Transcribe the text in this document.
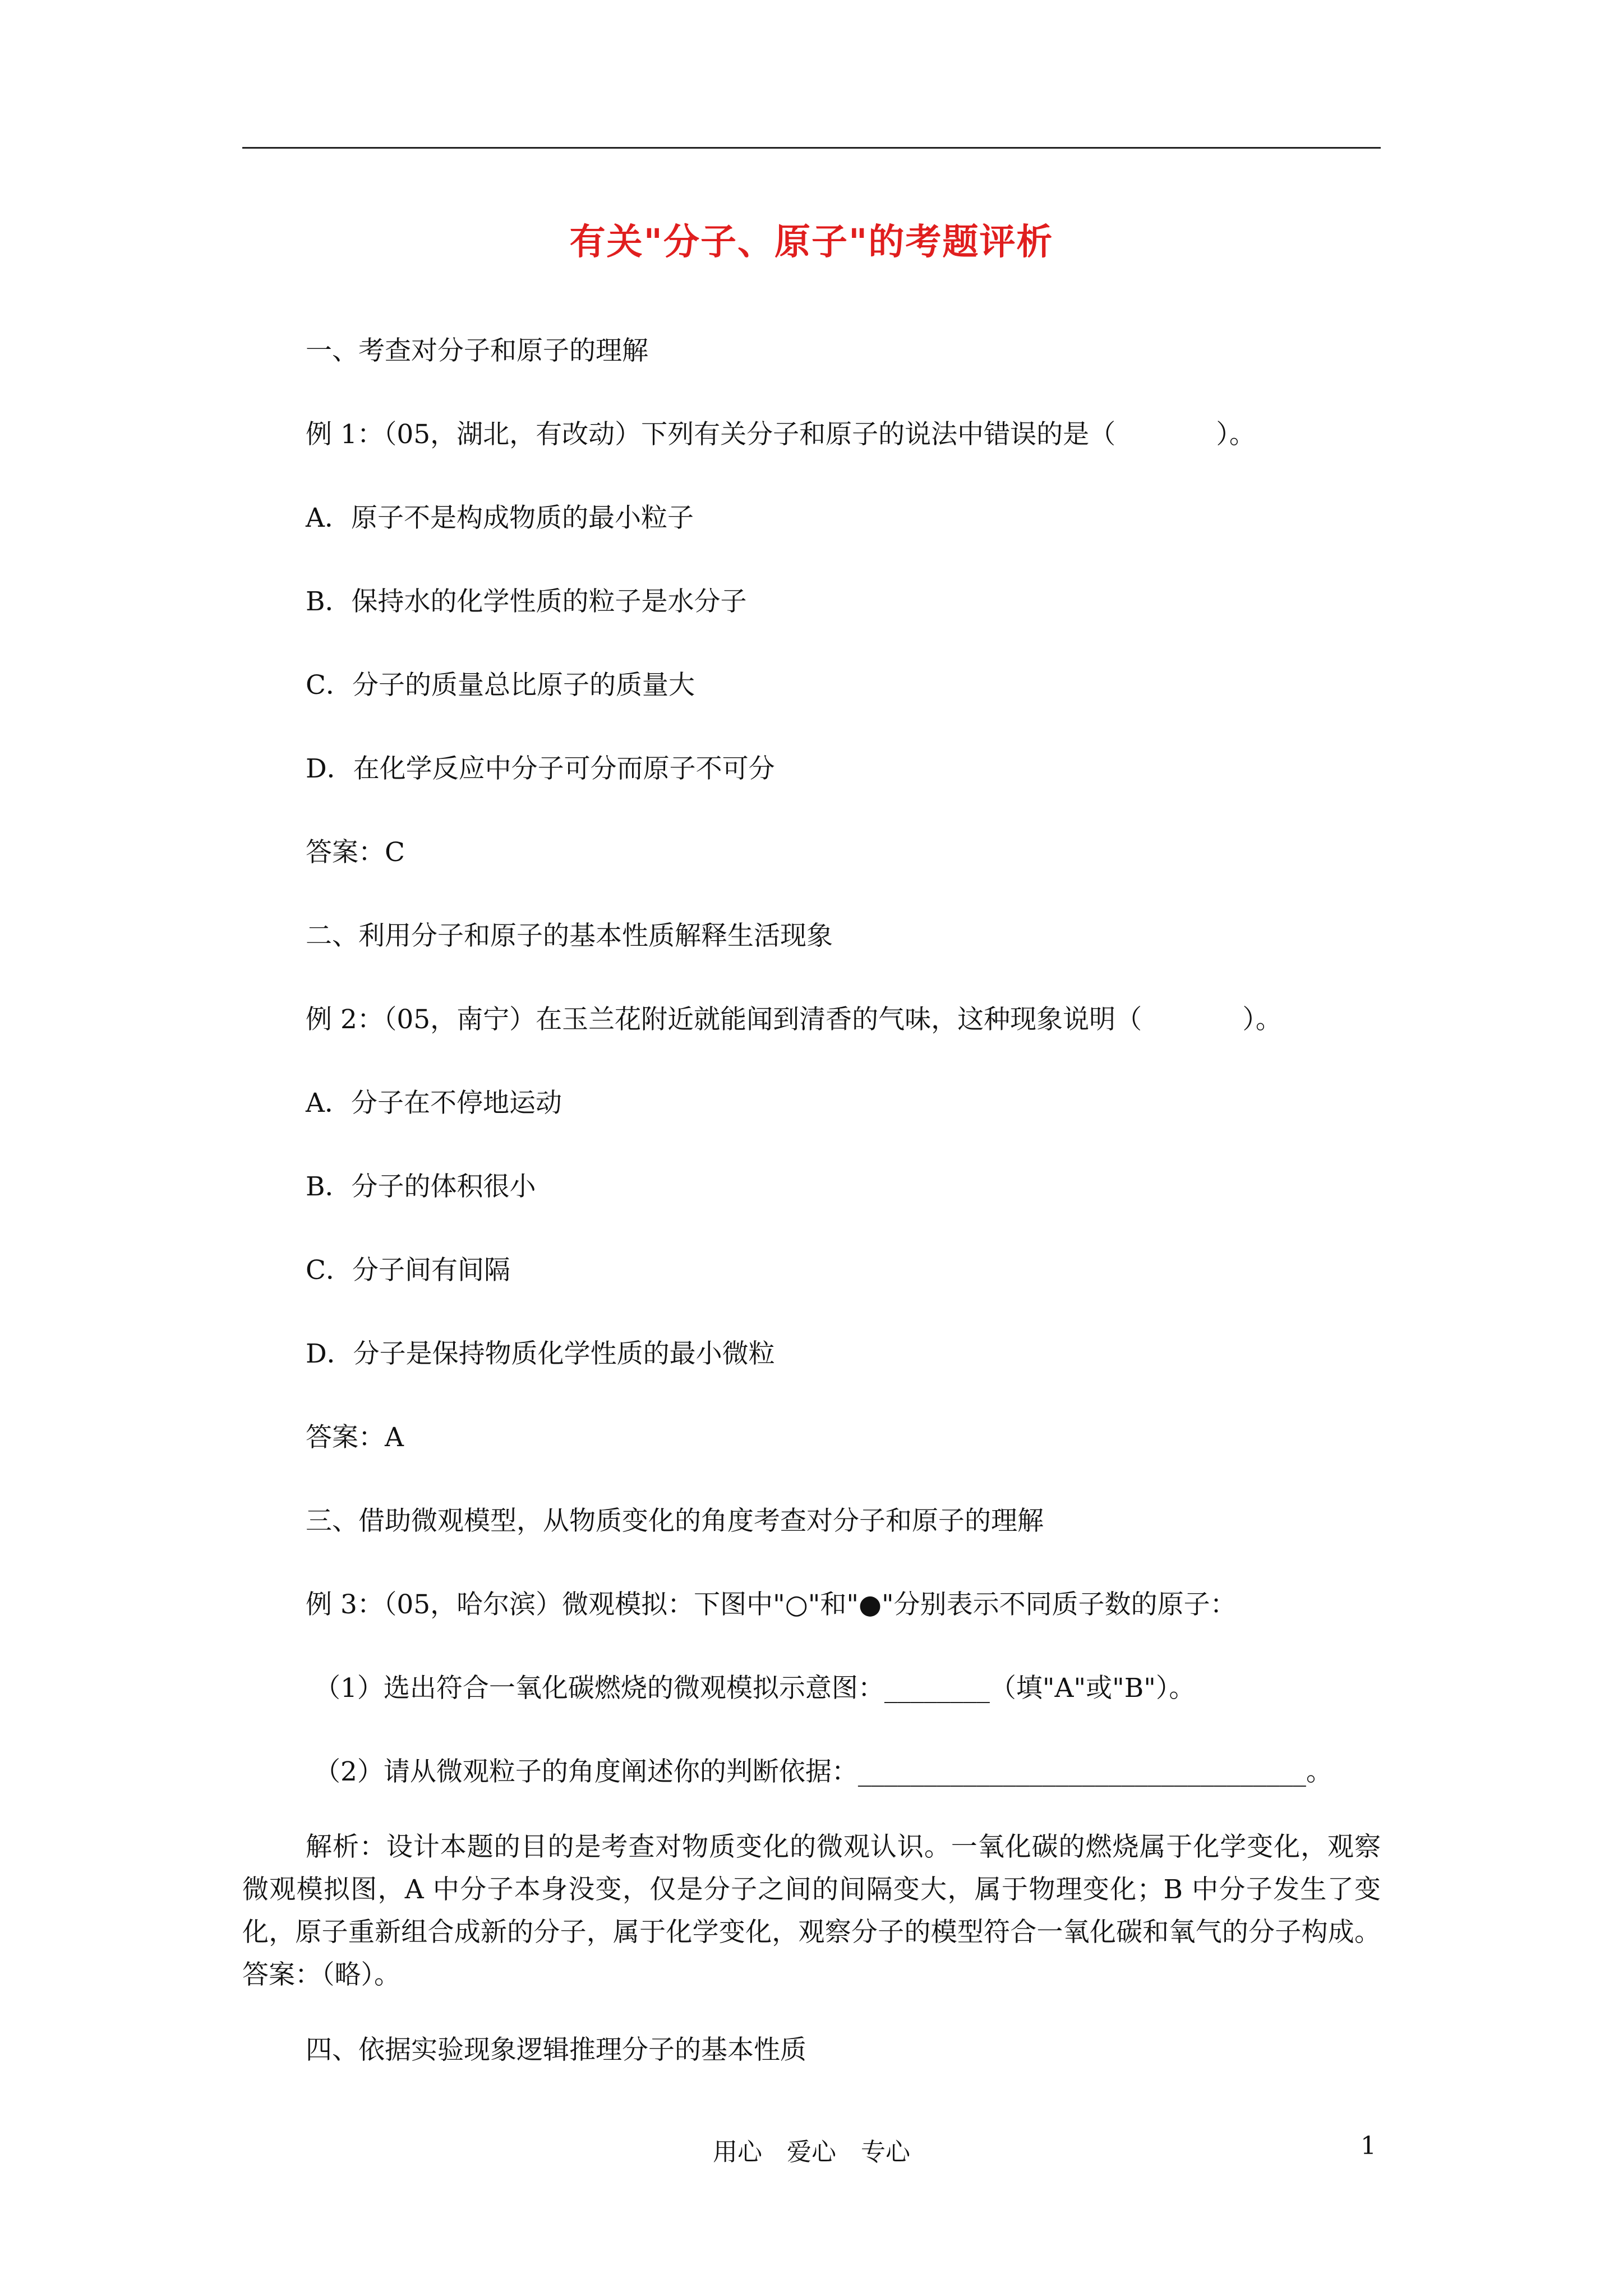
有关"分子、原子"的考题评析
一、考查对分子和原子的理解
例 1：（05，湖北，有改动）下列有关分子和原子的说法中错误的是（            ）。
A．原子不是构成物质的最小粒子
B．保持水的化学性质的粒子是水分子
C．分子的质量总比原子的质量大
D．在化学反应中分子可分而原子不可分
答案：C
二、利用分子和原子的基本性质解释生活现象
例 2：（05，南宁）在玉兰花附近就能闻到清香的气味，这种现象说明（            ）。
A．分子在不停地运动
B．分子的体积很小
C．分子间有间隔
D．分子是保持物质化学性质的最小微粒
答案：A
三、借助微观模型，从物质变化的角度考查对分子和原子的理解
例 3：（05，哈尔滨）微观模拟：下图中"○"和"●"分别表示不同质子数的原子：
（1）选出符合一氧化碳燃烧的微观模拟示意图：________（填"A"或"B"）。
（2）请从微观粒子的角度阐述你的判断依据：__________________________________。
解析：设计本题的目的是考查对物质变化的微观认识。一氧化碳的燃烧属于化学变化，观察微观模拟图，A 中分子本身没变，仅是分子之间的间隔变大，属于物理变化；B 中分子发生了变化，原子重新组合成新的分子，属于化学变化，观察分子的模型符合一氧化碳和氧气的分子构成。答案：（略）。
四、依据实验现象逻辑推理分子的基本性质
用心　爱心　专心	1
